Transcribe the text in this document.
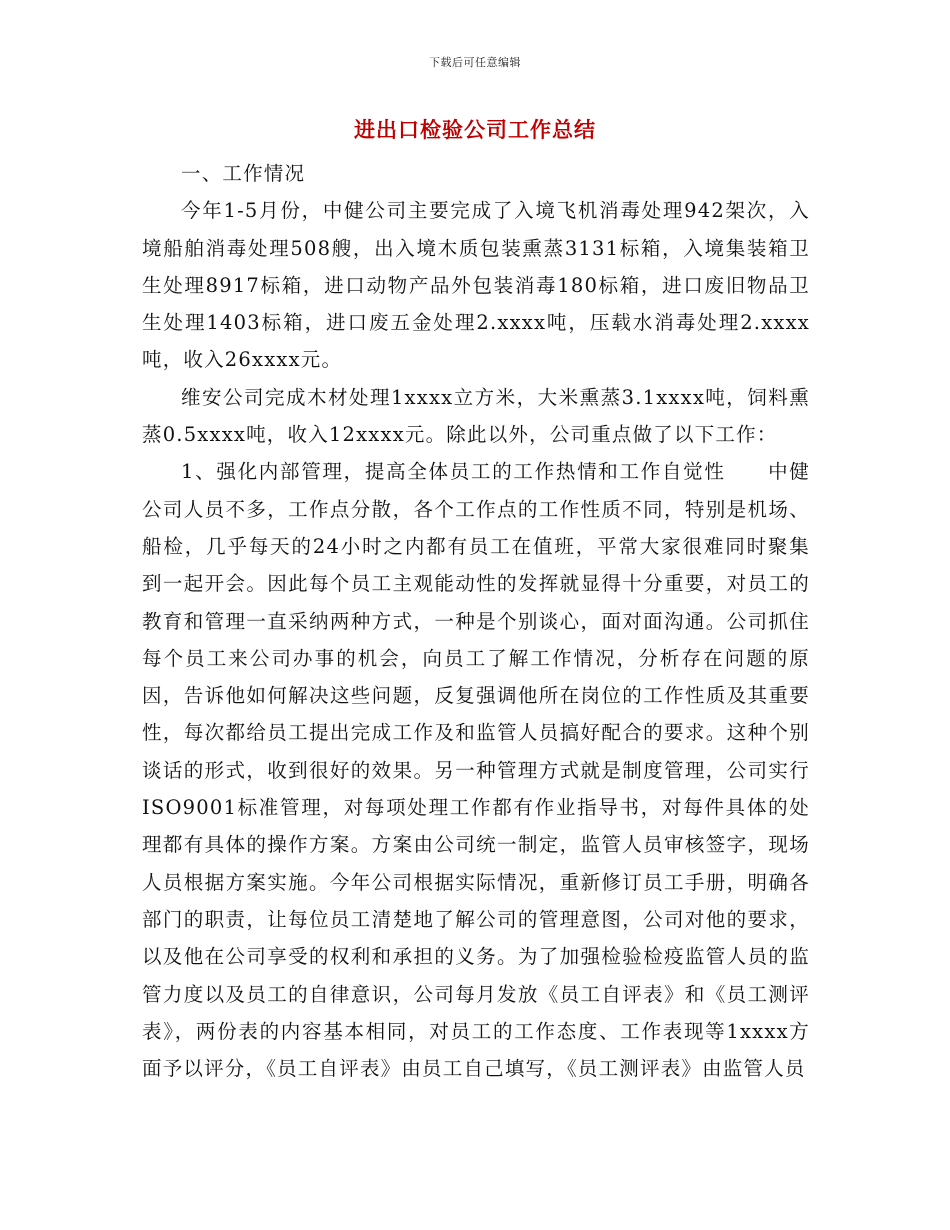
下载后可任意编辑
进出口检验公司工作总结

一、工作情况

今年1-5月份，中健公司主要完成了入境飞机消毒处理942架次，入境船舶消毒处理508艘，出入境木质包装熏蒸3131标箱，入境集装箱卫生处理8917标箱，进口动物产品外包装消毒180标箱，进口废旧物品卫生处理1403标箱，进口废五金处理2.xxxx吨，压载水消毒处理2.xxxx吨，收入26xxxx元。

维安公司完成木材处理1xxxx立方米，大米熏蒸3.1xxxx吨，饲料熏蒸0.5xxxx吨，收入12xxxx元。除此以外，公司重点做了以下工作：

1、强化内部管理，提高全体员工的工作热情和工作自觉性　　中健公司人员不多，工作点分散，各个工作点的工作性质不同，特别是机场、船检，几乎每天的24小时之内都有员工在值班，平常大家很难同时聚集到一起开会。因此每个员工主观能动性的发挥就显得十分重要，对员工的教育和管理一直采纳两种方式，一种是个别谈心，面对面沟通。公司抓住每个员工来公司办事的机会，向员工了解工作情况，分析存在问题的原因，告诉他如何解决这些问题，反复强调他所在岗位的工作性质及其重要性，每次都给员工提出完成工作及和监管人员搞好配合的要求。这种个别谈话的形式，收到很好的效果。另一种管理方式就是制度管理，公司实行ISO9001标准管理，对每项处理工作都有作业指导书，对每件具体的处理都有具体的操作方案。方案由公司统一制定，监管人员审核签字，现场人员根据方案实施。今年公司根据实际情况，重新修订员工手册，明确各部门的职责，让每位员工清楚地了解公司的管理意图，公司对他的要求，以及他在公司享受的权利和承担的义务。为了加强检验检疫监管人员的监管力度以及员工的自律意识，公司每月发放《员工自评表》和《员工测评表》，两份表的内容基本相同，对员工的工作态度、工作表现等1xxxx方面予以评分，《员工自评表》由员工自己填写，《员工测评表》由监管人员
